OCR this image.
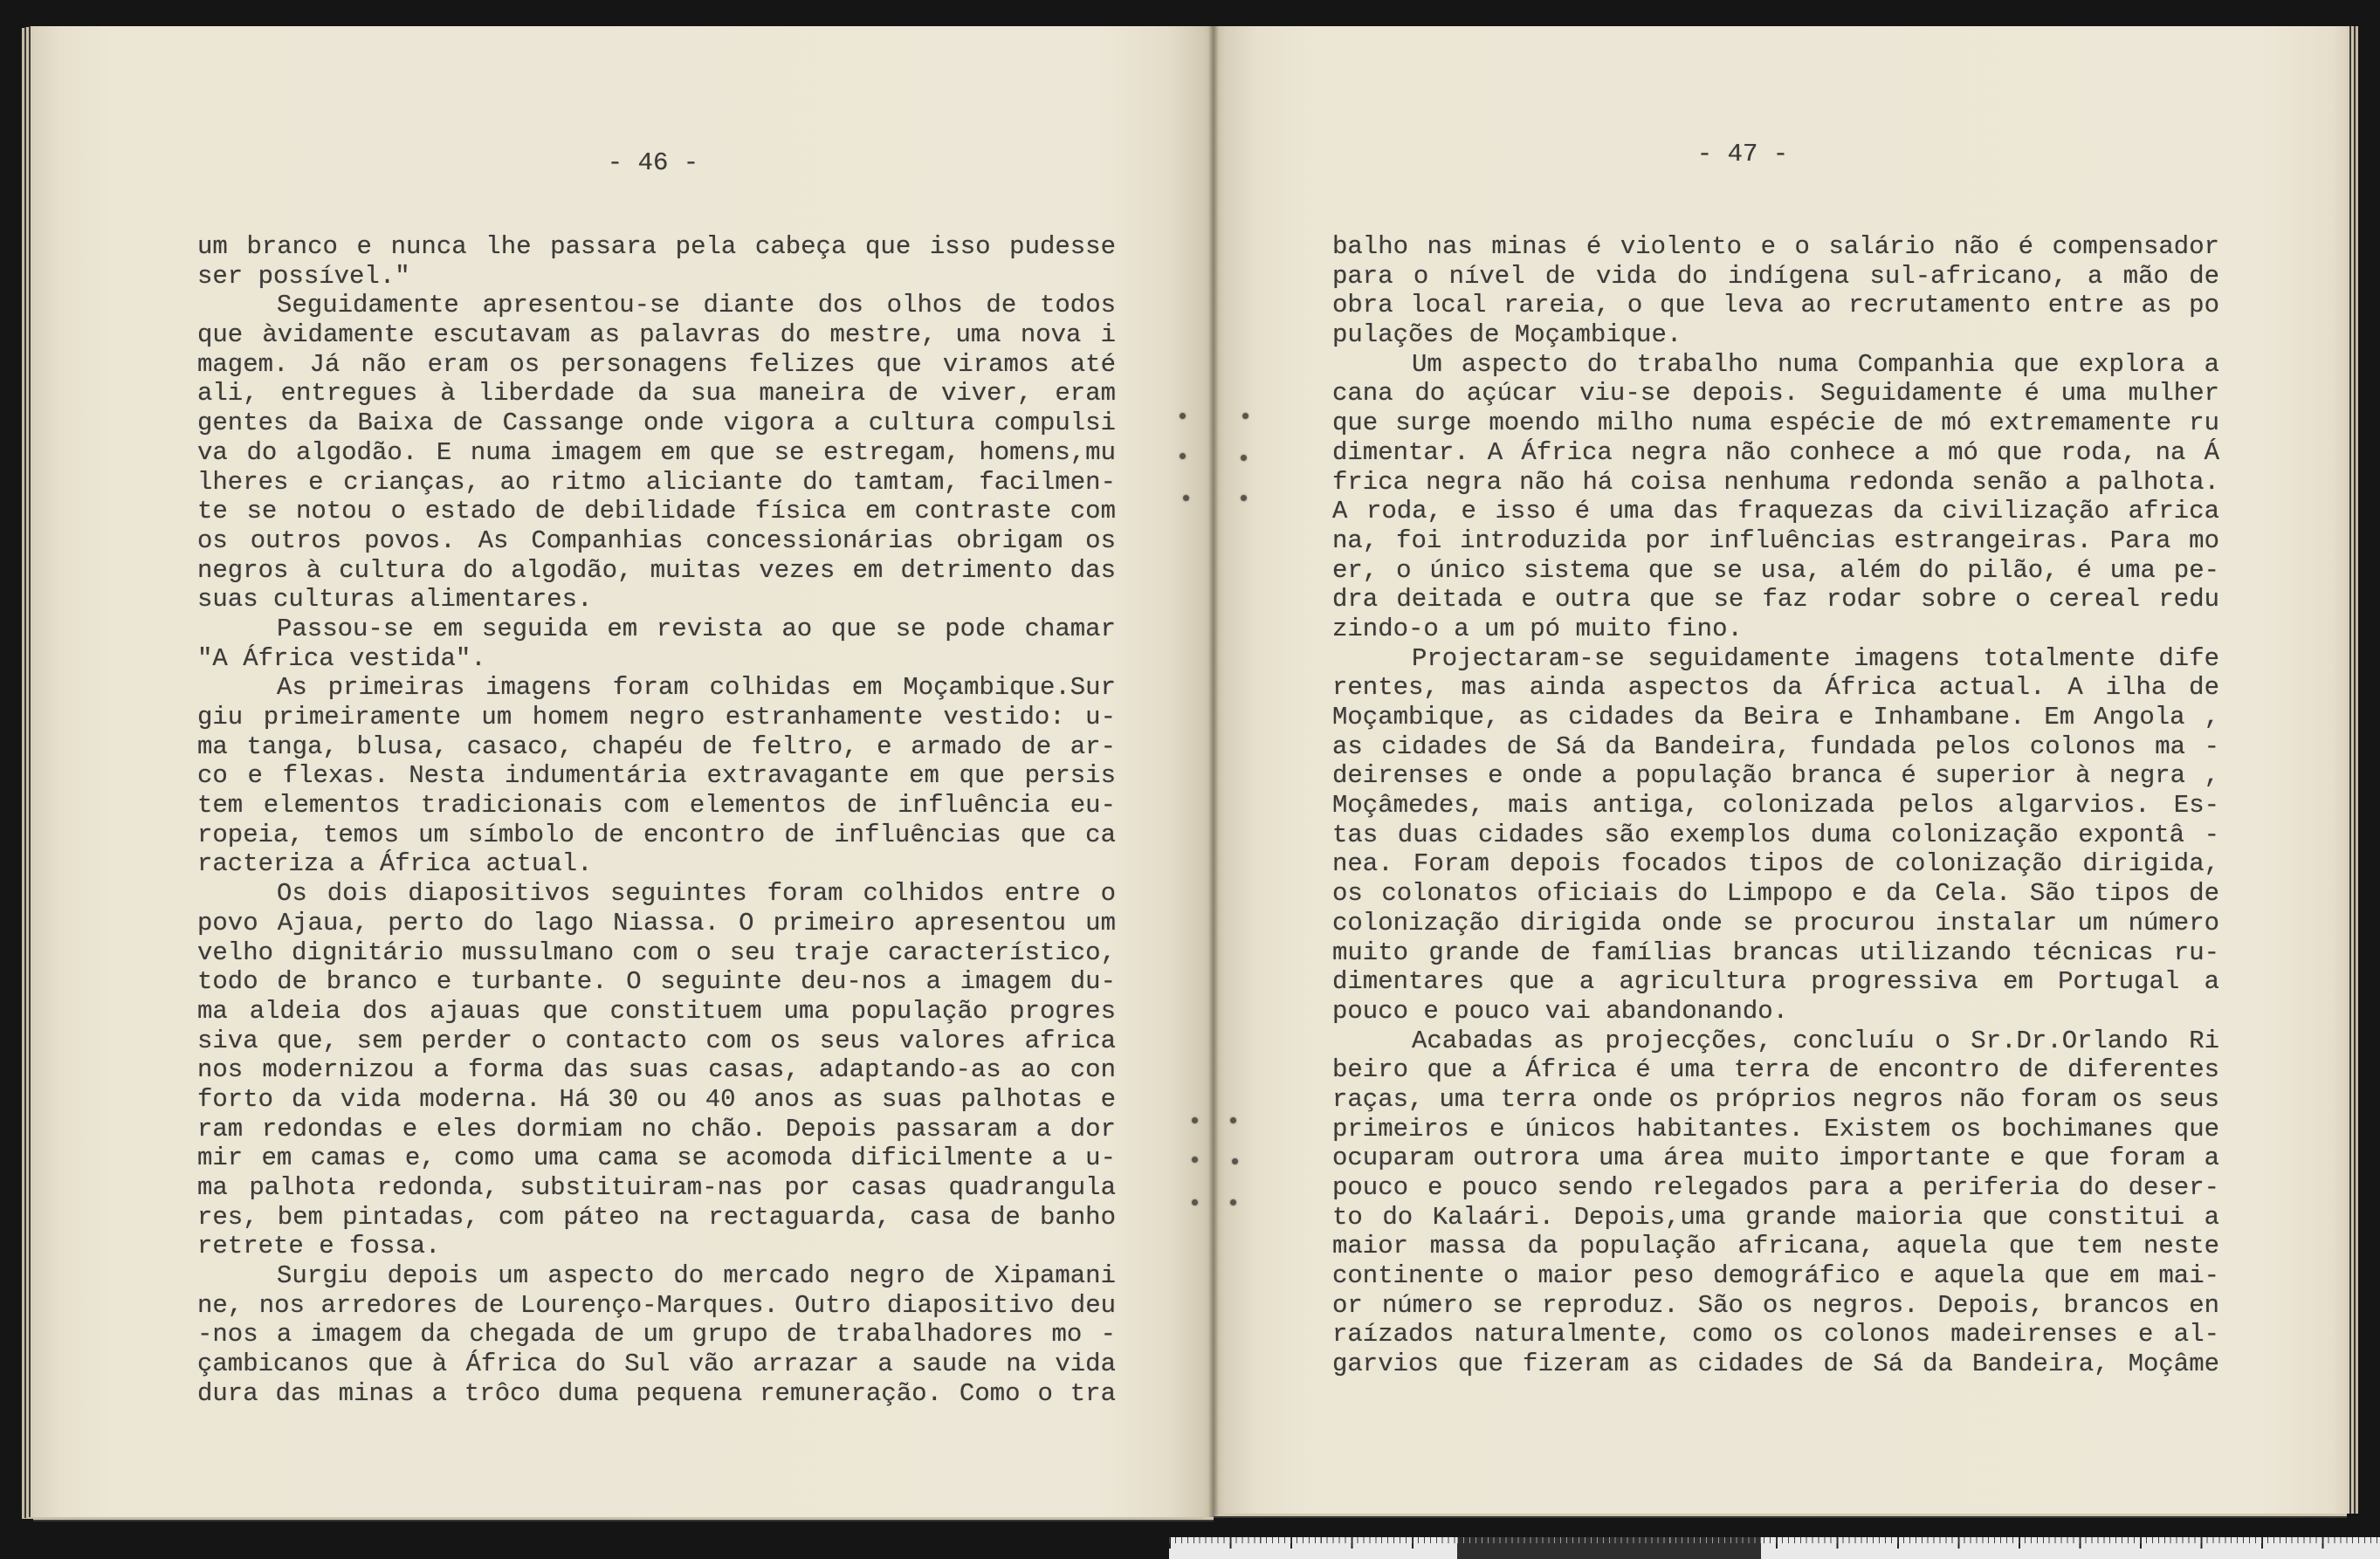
- 46 -
um branco e nunca lhe passara pela cabeça que isso pudesse
ser possível."
Seguidamente apresentou-se diante dos olhos de todos
que àvidamente escutavam as palavras do mestre, uma nova i
magem. Já não eram os personagens felizes que viramos até
ali, entregues à liberdade da sua maneira de viver, eram
gentes da Baixa de Cassange onde vigora a cultura compulsi
va do algodão. E numa imagem em que se estregam, homens,mu
lheres e crianças, ao ritmo aliciante do tamtam, facilmen-
te se notou o estado de debilidade física em contraste com
os outros povos. As Companhias concessionárias obrigam os
negros à cultura do algodão, muitas vezes em detrimento das
suas culturas alimentares.
Passou-se em seguida em revista ao que se pode chamar
"A África vestida".
As primeiras imagens foram colhidas em Moçambique.Sur
giu primeiramente um homem negro estranhamente vestido: u-
ma tanga, blusa, casaco, chapéu de feltro, e armado de ar-
co e flexas. Nesta indumentária extravagante em que persis
tem elementos tradicionais com elementos de influência eu-
ropeia, temos um símbolo de encontro de influências que ca
racteriza a África actual.
Os dois diapositivos seguintes foram colhidos entre o
povo Ajaua, perto do lago Niassa. O primeiro apresentou um
velho dignitário mussulmano com o seu traje característico,
todo de branco e turbante. O seguinte deu-nos a imagem du-
ma aldeia dos ajauas que constituem uma população progres
siva que, sem perder o contacto com os seus valores africa
nos modernizou a forma das suas casas, adaptando-as ao con
forto da vida moderna. Há 30 ou 40 anos as suas palhotas e
ram redondas e eles dormiam no chão. Depois passaram a dor
mir em camas e, como uma cama se acomoda dificilmente a u-
ma palhota redonda, substituiram-nas por casas quadrangula
res, bem pintadas, com páteo na rectaguarda, casa de banho
retrete e fossa.
Surgiu depois um aspecto do mercado negro de Xipamani
ne, nos arredores de Lourenço-Marques. Outro diapositivo deu
-nos a imagem da chegada de um grupo de trabalhadores mo -
çambicanos que à África do Sul vão arrazar a saude na vida
dura das minas a trôco duma pequena remuneração. Como o tra
- 47 -
balho nas minas é violento e o salário não é compensador
para o nível de vida do indígena sul-africano, a mão de
obra local rareia, o que leva ao recrutamento entre as po
pulações de Moçambique.
Um aspecto do trabalho numa Companhia que explora a
cana do açúcar viu-se depois. Seguidamente é uma mulher
que surge moendo milho numa espécie de mó extremamente ru
dimentar. A África negra não conhece a mó que roda, na Á
frica negra não há coisa nenhuma redonda senão a palhota.
A roda, e isso é uma das fraquezas da civilização africa
na, foi introduzida por influências estrangeiras. Para mo
er, o único sistema que se usa, além do pilão, é uma pe-
dra deitada e outra que se faz rodar sobre o cereal redu
zindo-o a um pó muito fino.
Projectaram-se seguidamente imagens totalmente dife
rentes, mas ainda aspectos da África actual. A ilha de
Moçambique, as cidades da Beira e Inhambane. Em Angola ,
as cidades de Sá da Bandeira, fundada pelos colonos ma -
deirenses e onde a população branca é superior à negra ,
Moçâmedes, mais antiga, colonizada pelos algarvios. Es-
tas duas cidades são exemplos duma colonização expontâ -
nea. Foram depois focados tipos de colonização dirigida,
os colonatos oficiais do Limpopo e da Cela. São tipos de
colonização dirigida onde se procurou instalar um número
muito grande de famílias brancas utilizando técnicas ru-
dimentares que a agricultura progressiva em Portugal a
pouco e pouco vai abandonando.
Acabadas as projecções, concluíu o Sr.Dr.Orlando Ri
beiro que a África é uma terra de encontro de diferentes
raças, uma terra onde os próprios negros não foram os seus
primeiros e únicos habitantes. Existem os bochimanes que
ocuparam outrora uma área muito importante e que foram a
pouco e pouco sendo relegados para a periferia do deser-
to do Kalaári. Depois,uma grande maioria que constitui a
maior massa da população africana, aquela que tem neste
continente o maior peso demográfico e aquela que em mai-
or número se reproduz. São os negros. Depois, brancos en
raízados naturalmente, como os colonos madeirenses e al-
garvios que fizeram as cidades de Sá da Bandeira, Moçâme
